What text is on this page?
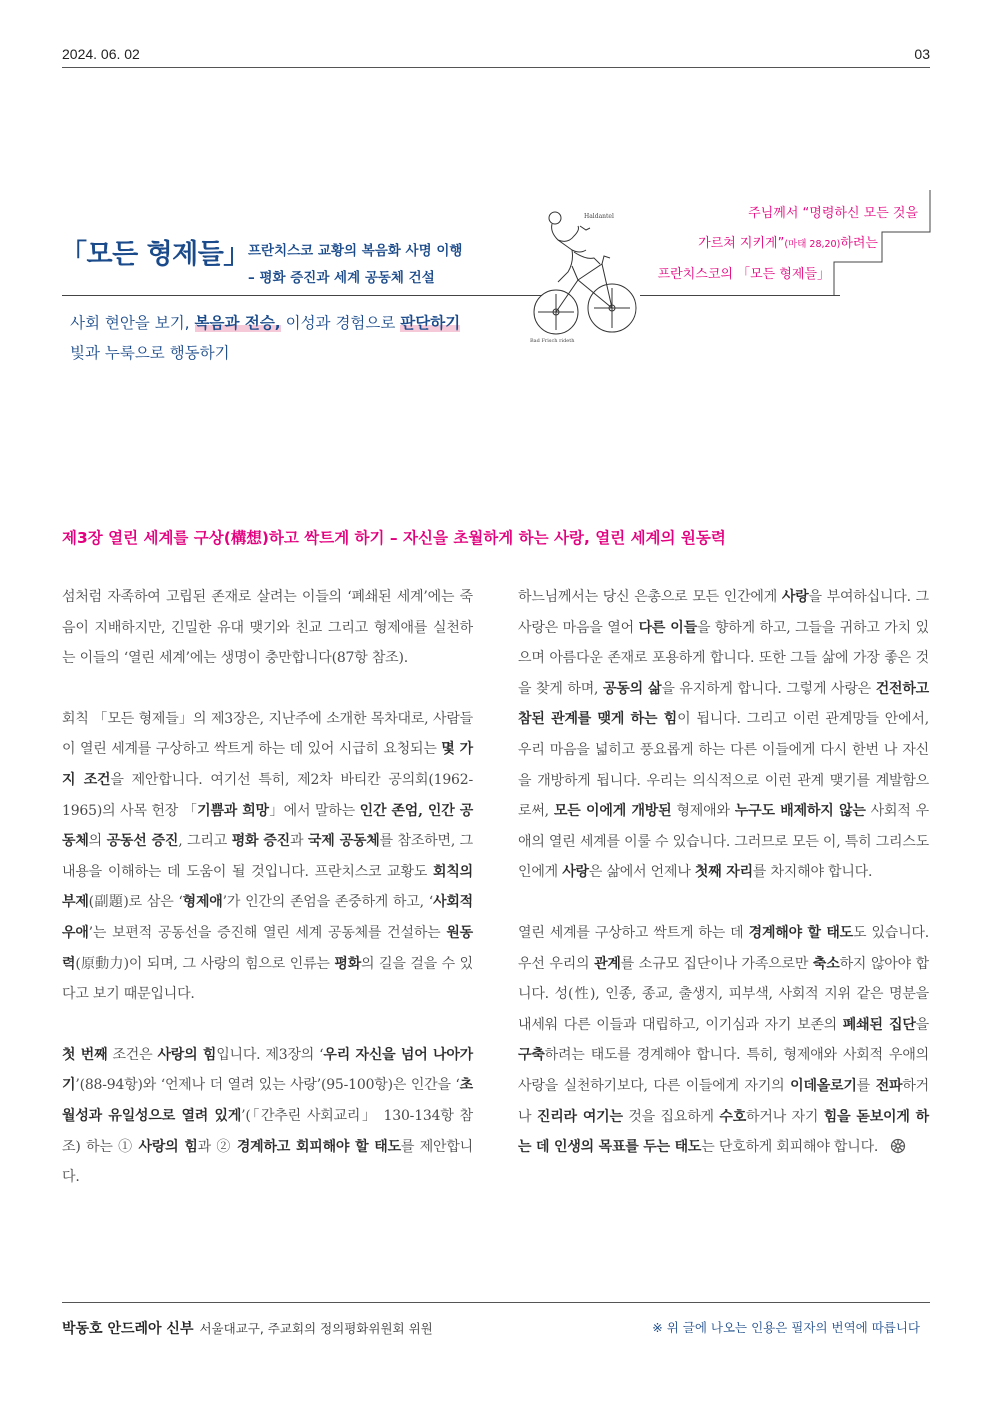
2024. 06. 02	03
「모든 형제들」
프란치스코 교황의 복음화 사명 이행
– 평화 증진과 세계 공동체 건설
사회 현안을 보기, 복음과 전승, 이성과 경험으로 판단하기
빛과 누룩으로 행동하기
Haldantel
Bad Frisch rideth
주님께서 “명령하신 모든 것을
가르쳐 지키게”(마태 28,20)하려는
프란치스코의 「모든 형제들」
제3장 열린 세계를 구상(構想)하고 싹트게 하기 – 자신을 초월하게 하는 사랑, 열린 세계의 원동력

섬처럼 자족하여 고립된 존재로 살려는 이들의 ‘폐쇄된 세계’에는 죽음이 지배하지만, 긴밀한 유대 맺기와 친교 그리고 형제애를 실천하는 이들의 ‘열린 세계’에는 생명이 충만합니다(87항 참조).

회칙 「모든 형제들」의 제3장은, 지난주에 소개한 목차대로, 사람들이 열린 세계를 구상하고 싹트게 하는 데 있어 시급히 요청되는 몇 가지 조건을 제안합니다. 여기선 특히, 제2차 바티칸 공의회(1962-1965)의 사목 헌장 「기쁨과 희망」에서 말하는 인간 존엄, 인간 공동체의 공동선 증진, 그리고 평화 증진과 국제 공동체를 참조하면, 그 내용을 이해하는 데 도움이 될 것입니다. 프란치스코 교황도 회칙의 부제(副題)로 삼은 ‘형제애’가 인간의 존엄을 존중하게 하고, ‘사회적 우애’는 보편적 공동선을 증진해 열린 세계 공동체를 건설하는 원동력(原動力)이 되며, 그 사랑의 힘으로 인류는 평화의 길을 걸을 수 있다고 보기 때문입니다.

첫 번째 조건은 사랑의 힘입니다. 제3장의 ‘우리 자신을 넘어 나아가기’(88-94항)와 ‘언제나 더 열려 있는 사랑’(95-100항)은 인간을 ‘초월성과 유일성으로 열려 있게’(「간추린 사회교리」 130-134항 참조) 하는 ① 사랑의 힘과 ② 경계하고 회피해야 할 태도를 제안합니다.

하느님께서는 당신 은총으로 모든 인간에게 사랑을 부여하십니다. 그 사랑은 마음을 열어 다른 이들을 향하게 하고, 그들을 귀하고 가치 있으며 아름다운 존재로 포용하게 합니다. 또한 그들 삶에 가장 좋은 것을 찾게 하며, 공동의 삶을 유지하게 합니다. 그렇게 사랑은 건전하고 참된 관계를 맺게 하는 힘이 됩니다. 그리고 이런 관계망들 안에서, 우리 마음을 넓히고 풍요롭게 하는 다른 이들에게 다시 한번 나 자신을 개방하게 됩니다. 우리는 의식적으로 이런 관계 맺기를 계발함으로써, 모든 이에게 개방된 형제애와 누구도 배제하지 않는 사회적 우애의 열린 세계를 이룰 수 있습니다. 그러므로 모든 이, 특히 그리스도인에게 사랑은 삶에서 언제나 첫째 자리를 차지해야 합니다.

열린 세계를 구상하고 싹트게 하는 데 경계해야 할 태도도 있습니다. 우선 우리의 관계를 소규모 집단이나 가족으로만 축소하지 않아야 합니다. 성(性), 인종, 종교, 출생지, 피부색, 사회적 지위 같은 명분을 내세워 다른 이들과 대립하고, 이기심과 자기 보존의 폐쇄된 집단을 구축하려는 태도를 경계해야 합니다. 특히, 형제애와 사회적 우애의 사랑을 실천하기보다, 다른 이들에게 자기의 이데올로기를 전파하거나 진리라 여기는 것을 집요하게 수호하거나 자기 힘을 돋보이게 하는 데 인생의 목표를 두는 태도는 단호하게 회피해야 합니다.

박동호 안드레아 신부 서울대교구, 주교회의 정의평화위원회 위원	※ 위 글에 나오는 인용은 필자의 번역에 따릅니다
